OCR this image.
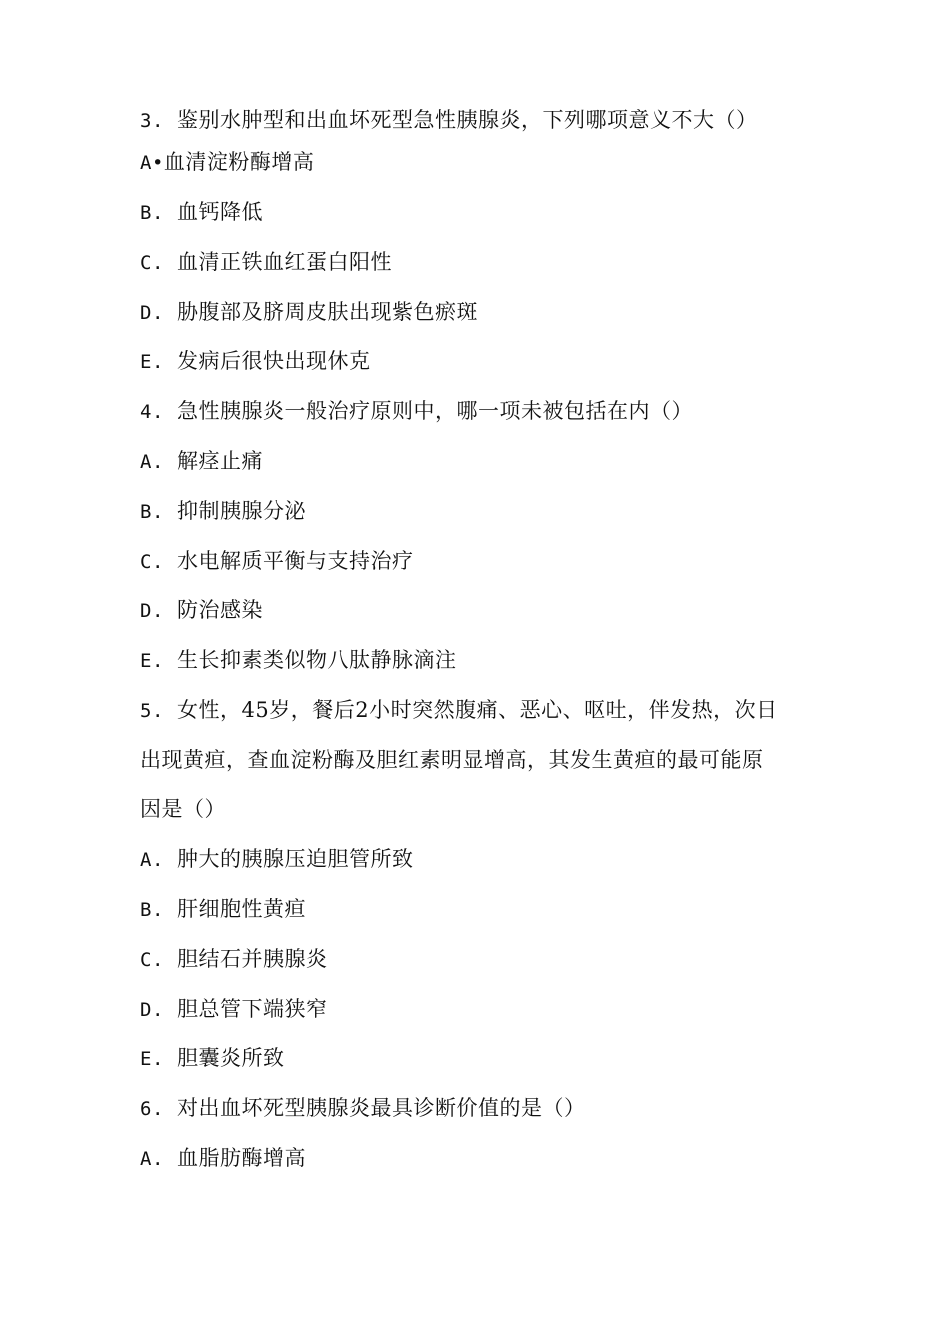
3. 鉴别水肿型和出血坏死型急性胰腺炎，下列哪项意义不大（）
A•血清淀粉酶增高
B. 血钙降低
C. 血清正铁血红蛋白阳性
D. 胁腹部及脐周皮肤出现紫色瘀斑
E. 发病后很快出现休克
4. 急性胰腺炎一般治疗原则中，哪一项未被包括在内（）
A. 解痉止痛
B. 抑制胰腺分泌
C. 水电解质平衡与支持治疗
D. 防治感染
E. 生长抑素类似物八肽静脉滴注
5. 女性，45岁，餐后2小时突然腹痛、恶心、呕吐，伴发热，次日
出现黄疸，查血淀粉酶及胆红素明显增高，其发生黄疸的最可能原
因是（）
A. 肿大的胰腺压迫胆管所致
B. 肝细胞性黄疸
C. 胆结石并胰腺炎
D. 胆总管下端狭窄
E. 胆囊炎所致
6. 对出血坏死型胰腺炎最具诊断价值的是（）
A. 血脂肪酶增高
